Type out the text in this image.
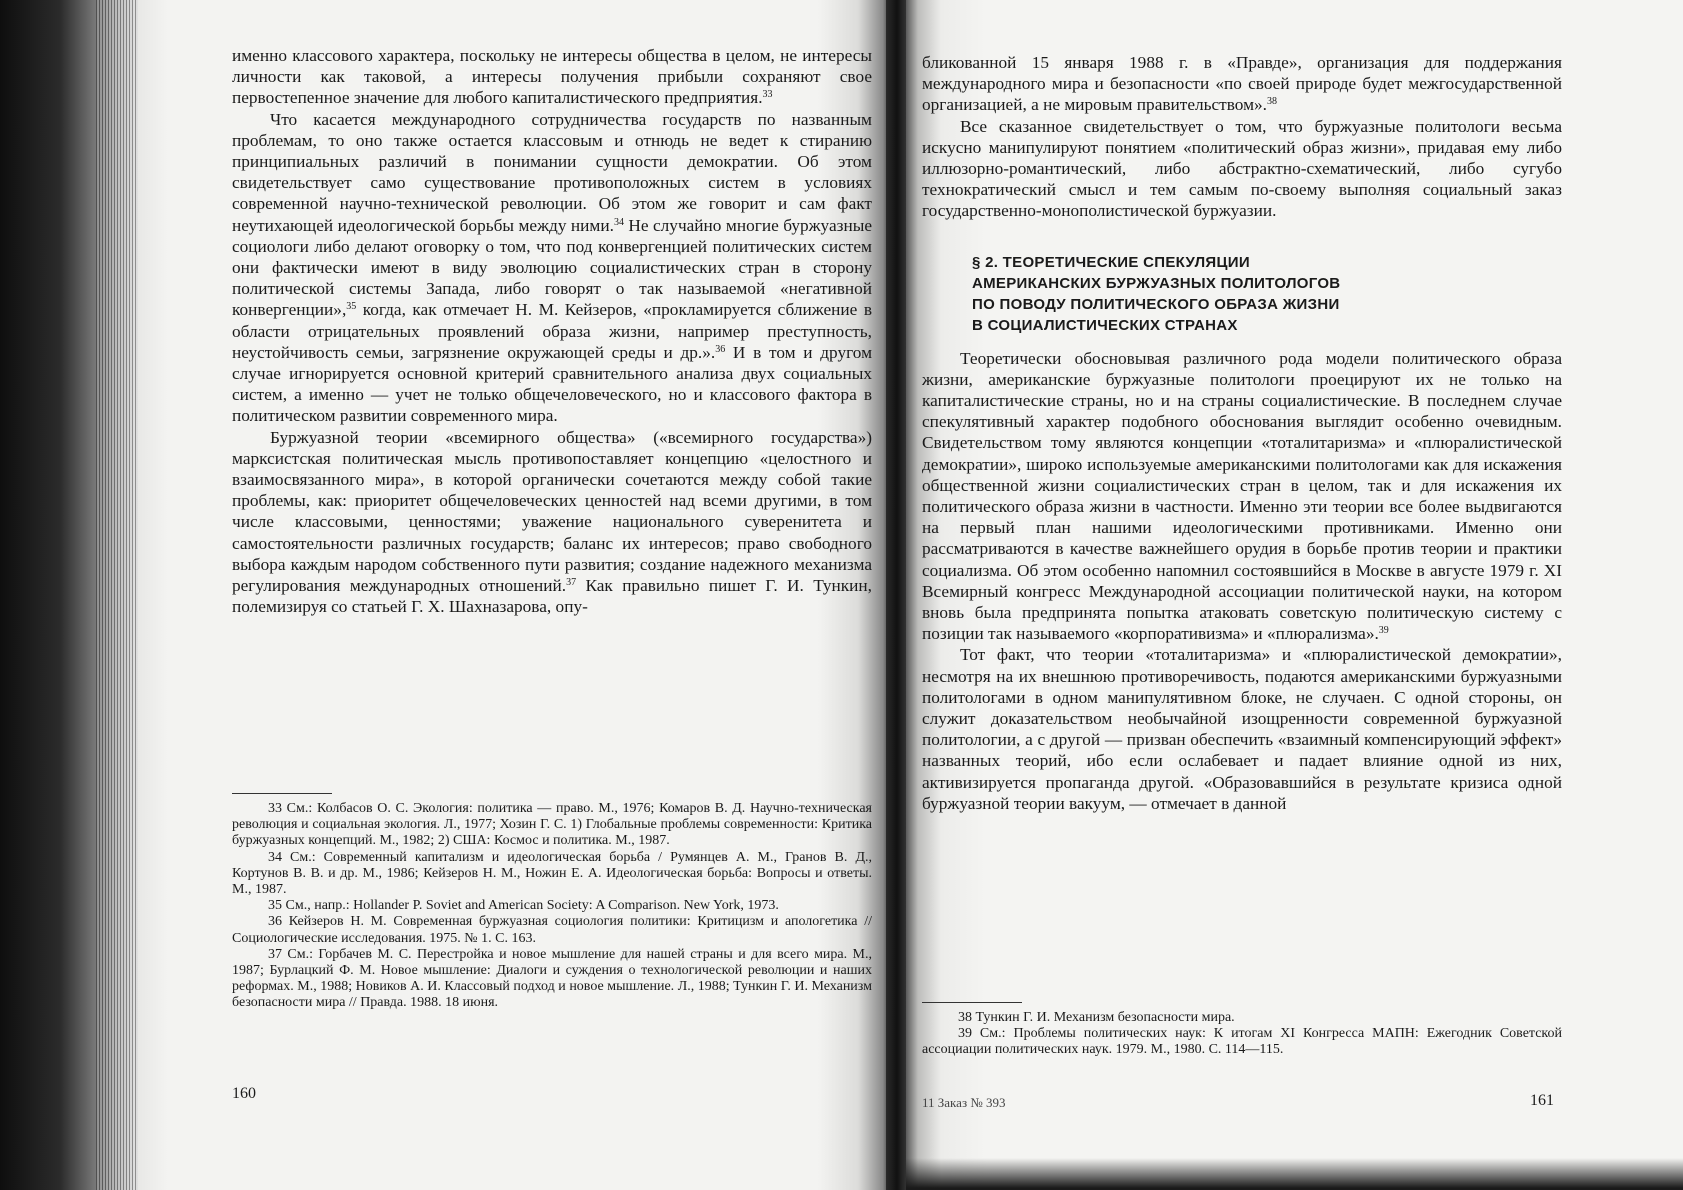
именно классового характера, поскольку не интересы общества в целом, не интересы личности как таковой, а интересы получения прибыли сохраняют свое первостепенное значение для любого капиталистического предприятия.$^{33}$

Что касается международного сотрудничества государств по названным проблемам, то оно также остается классовым и отнюдь не ведет к стиранию принципиальных различий в понимании сущности демократии. Об этом свидетельствует само существование противоположных систем в условиях современной научно-технической революции. Об этом же говорит и сам факт неутихающей идеологической борьбы между ними.$^{34}$ Не случайно многие буржуазные социологи либо делают оговорку о том, что под конвергенцией политических систем они фактически имеют в виду эволюцию социалистических стран в сторону политической системы Запада, либо говорят о так называемой «негативной конвергенции»,$^{35}$ когда, как отмечает Н. М. Кейзеров, «прокламируется сближение в области отрицательных проявлений образа жизни, например преступность, неустойчивость семьи, загрязнение окружающей среды и др.».$^{36}$ И в том и другом случае игнорируется основной критерий сравнительного анализа двух социальных систем, а именно — учет не только общечеловеческого, но и классового фактора в политическом развитии современного мира.

Буржуазной теории «всемирного общества» («всемирного государства») марксистская политическая мысль противопоставляет концепцию «целостного и взаимосвязанного мира», в которой органически сочетаются между собой такие проблемы, как: приоритет общечеловеческих ценностей над всеми другими, в том числе классовыми, ценностями; уважение национального суверенитета и самостоятельности различных государств; баланс их интересов; право свободного выбора каждым народом собственного пути развития; создание надежного механизма регулирования международных отношений.$^{37}$ Как правильно пишет Г. И. Тункин, полемизируя со статьей Г. Х. Шахназарова, опу-

33 См.: Колбасов О. С. Экология: политика — право. М., 1976; Комаров В. Д. Научно-техническая революция и социальная экология. Л., 1977; Хозин Г. С. 1) Глобальные проблемы современности: Критика буржуазных концепций. М., 1982; 2) США: Космос и политика. М., 1987.

34 См.: Современный капитализм и идеологическая борьба / Румянцев А. М., Гранов В. Д., Кортунов В. В. и др. М., 1986; Кейзеров Н. М., Ножин Е. А. Идеологическая борьба: Вопросы и ответы. М., 1987.

35 См., напр.: Hollander P. Soviet and American Society: A Comparison. New York, 1973.

36 Кейзеров Н. М. Современная буржуазная социология политики: Критицизм и апологетика // Социологические исследования. 1975. № 1. С. 163.

37 См.: Горбачев М. С. Перестройка и новое мышление для нашей страны и для всего мира. М., 1987; Бурлацкий Ф. М. Новое мышление: Диалоги и суждения о технологической революции и наших реформах. М., 1988; Новиков А. И. Классовый подход и новое мышление. Л., 1988; Тункин Г. И. Механизм безопасности мира // Правда. 1988. 18 июня.

160

бликованной 15 января 1988 г. в «Правде», организация для поддержания международного мира и безопасности «по своей природе будет межгосударственной организацией, а не мировым правительством».$^{38}$

Все сказанное свидетельствует о том, что буржуазные политологи весьма искусно манипулируют понятием «политический образ жизни», придавая ему либо иллюзорно-романтический, либо абстрактно-схематический, либо сугубо технократический смысл и тем самым по-своему выполняя социальный заказ государственно-монополистической буржуазии.

§ 2. ТЕОРЕТИЧЕСКИЕ СПЕКУЛЯЦИИ
АМЕРИКАНСКИХ БУРЖУАЗНЫХ ПОЛИТОЛОГОВ
ПО ПОВОДУ ПОЛИТИЧЕСКОГО ОБРАЗА ЖИЗНИ
В СОЦИАЛИСТИЧЕСКИХ СТРАНАХ

Теоретически обосновывая различного рода модели политического образа жизни, американские буржуазные политологи проецируют их не только на капиталистические страны, но и на страны социалистические. В последнем случае спекулятивный характер подобного обоснования выглядит особенно очевидным. Свидетельством тому являются концепции «тоталитаризма» и «плюралистической демократии», широко используемые американскими политологами как для искажения общественной жизни социалистических стран в целом, так и для искажения их политического образа жизни в частности. Именно эти теории все более выдвигаются на первый план нашими идеологическими противниками. Именно они рассматриваются в качестве важнейшего орудия в борьбе против теории и практики социализма. Об этом особенно напомнил состоявшийся в Москве в августе 1979 г. XI Всемирный конгресс Международной ассоциации политической науки, на котором вновь была предпринята попытка атаковать советскую политическую систему с позиции так называемого «корпоративизма» и «плюрализма».$^{39}$

Тот факт, что теории «тоталитаризма» и «плюралистической демократии», несмотря на их внешнюю противоречивость, подаются американскими буржуазными политологами в одном манипулятивном блоке, не случаен. С одной стороны, он служит доказательством необычайной изощренности современной буржуазной политологии, а с другой — призван обеспечить «взаимный компенсирующий эффект» названных теорий, ибо если ослабевает и падает влияние одной из них, активизируется пропаганда другой. «Образовавшийся в результате кризиса одной буржуазной теории вакуум, — отмечает в данной

38 Тункин Г. И. Механизм безопасности мира.

39 См.: Проблемы политических наук: К итогам XI Конгресса МАПН: Ежегодник Советской ассоциации политических наук. 1979. М., 1980. С. 114—115.

11 Заказ № 393	161
